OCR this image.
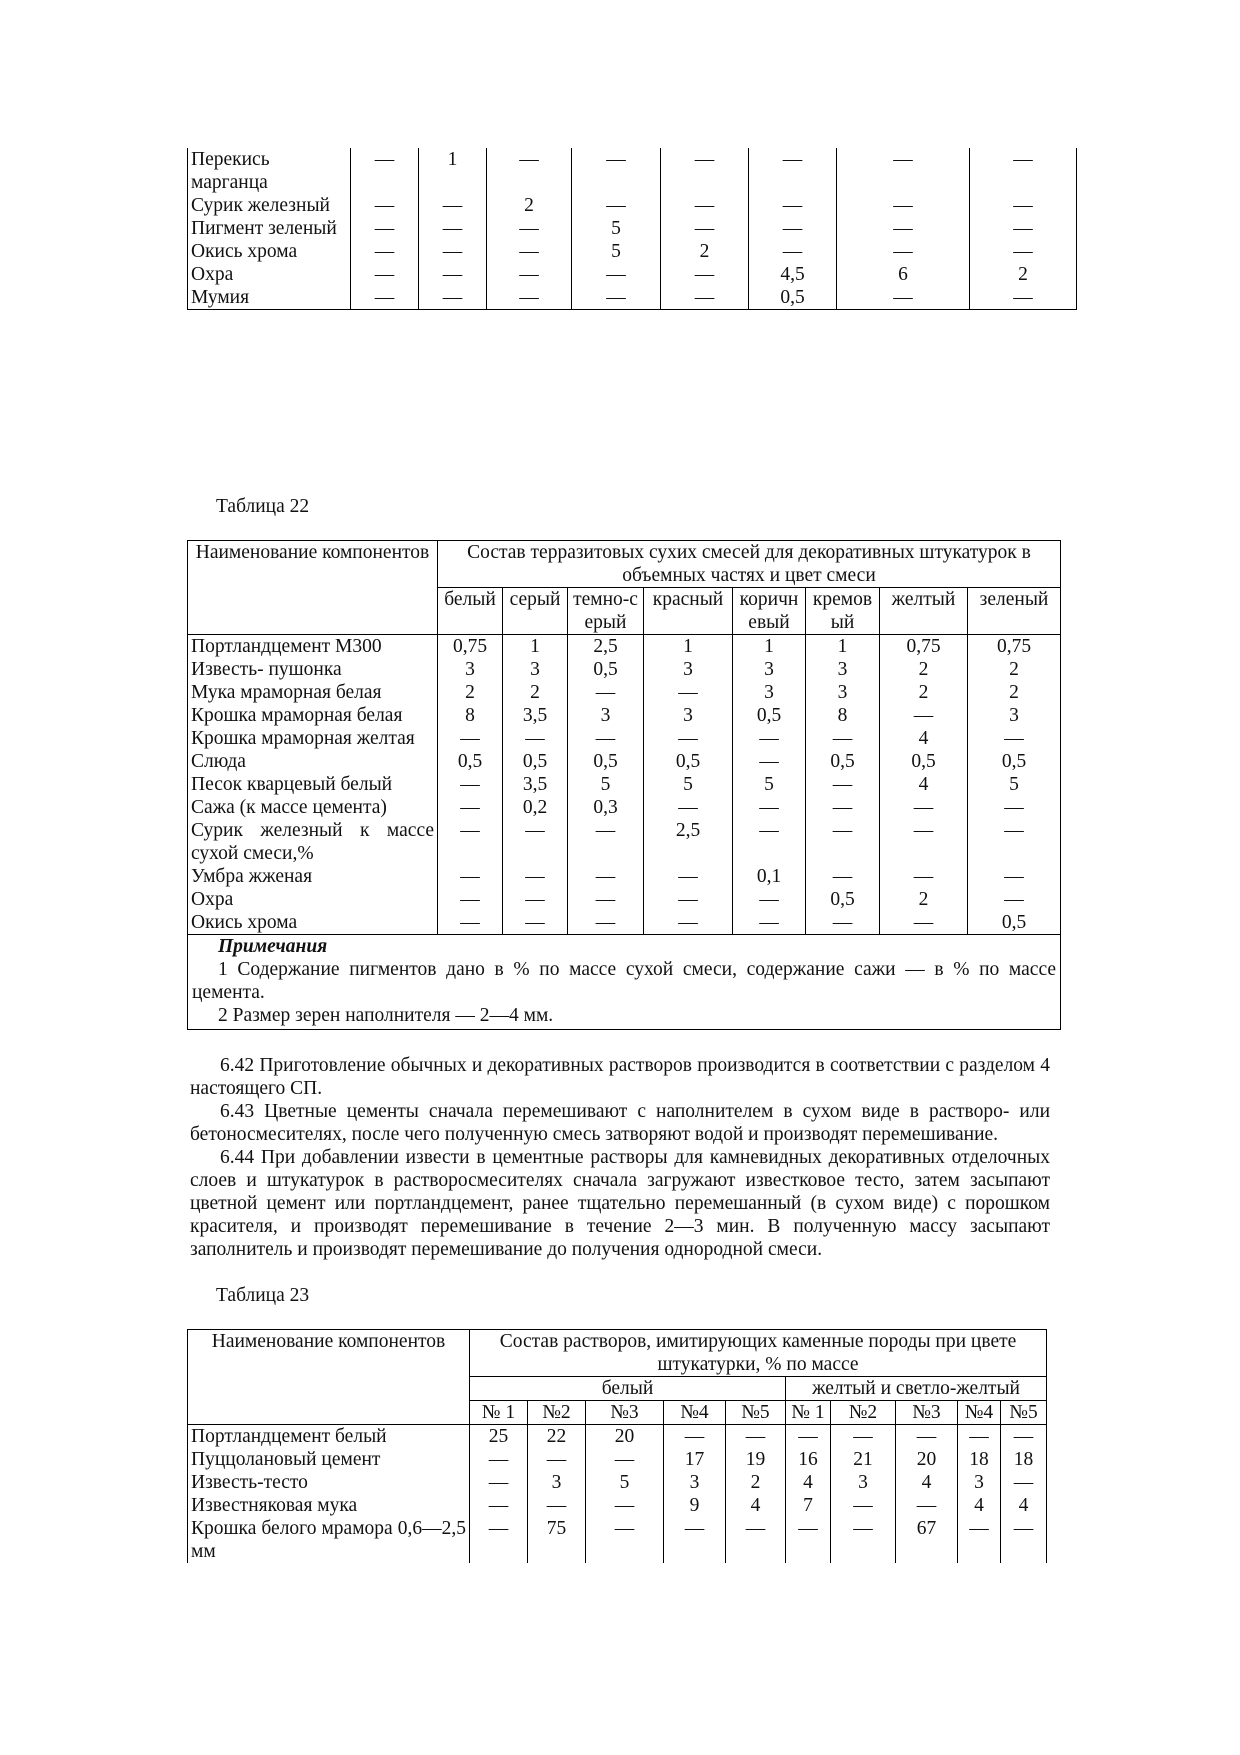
Перекись марганца	—	1	—	—	—	—	—	—
Сурик железный	—	—	2	—	—	—	—	—
Пигмент зеленый	—	—	—	5	—	—	—	—
Окись хрома	—	—	—	5	2	—	—	—
Охра	—	—	—	—	—	4,5	6	2
Мумия	—	—	—	—	—	0,5	—	—
Таблица 22
Наименование компонентов	Состав терразитовых сухих смесей для декоративных штукатурок в объемных частях и цвет смеси							
	белый	серый	темно-серый	красный	коричневый	кремовый	желтый	зеленый
Портландцемент М300	0,75	1	2,5	1	1	1	0,75	0,75
Известь- пушонка	3	3	0,5	3	3	3	2	2
Мука мраморная белая	2	2	—	—	3	3	2	2
Крошка мраморная белая	8	3,5	3	3	0,5	8	—	3
Крошка мраморная желтая	—	—	—	—	—	—	4	—
Слюда	0,5	0,5	0,5	0,5	—	0,5	0,5	0,5
Песок кварцевый белый	—	3,5	5	5	5	—	4	5
Сажа (к массе цемента)	—	0,2	0,3	—	—	—	—	—
Сурик железный к массе сухой смеси,%	—	—	—	2,5	—	—	—	—
Умбра жженая	—	—	—	—	0,1	—	—	—
Охра	—	—	—	—	—	0,5	2	—
Окись хрома	—	—	—	—	—	—	—	0,5

Примечания
1 Содержание пигментов дано в % по массе сухой смеси, содержание сажи — в % по массе цемента.
2 Размер зерен наполнителя — 2—4 мм.								

6.42 Приготовление обычных и декоративных растворов производится в соответствии с разделом 4 настоящего СП.

6.43 Цветные цементы сначала перемешивают с наполнителем в сухом виде в растворо- или бетоносмесителях, после чего полученную смесь затворяют водой и производят перемешивание.

6.44 При добавлении извести в цементные растворы для камневидных декоративных отделочных слоев и штукатурок в растворосмесителях сначала загружают известковое тесто, затем засыпают цветной цемент или портландцемент, ранее тщательно перемешанный (в сухом виде) с порошком красителя, и производят перемешивание в течение 2—3 мин. В полученную массу засыпают заполнитель и производят перемешивание до получения однородной смеси.

Таблица 23
Наименование компонентов	Состав растворов, имитирующих каменные породы при цвете штукатурки, % по массе									
	белый					желтый и светло-желтый				
	№ 1	№2	№3	№4	№5	№ 1	№2	№3	№4	№5
Портландцемент белый	25	22	20	—	—	—	—	—	—	—
Пуццолановый цемент	—	—	—	17	19	16	21	20	18	18
Известь-тесто	—	3	5	3	2	4	3	4	3	—
Известняковая мука	—	—	—	9	4	7	—	—	4	4
Крошка белого мрамора 0,6—2,5 мм	—	75	—	—	—	—	—	67	—	—
